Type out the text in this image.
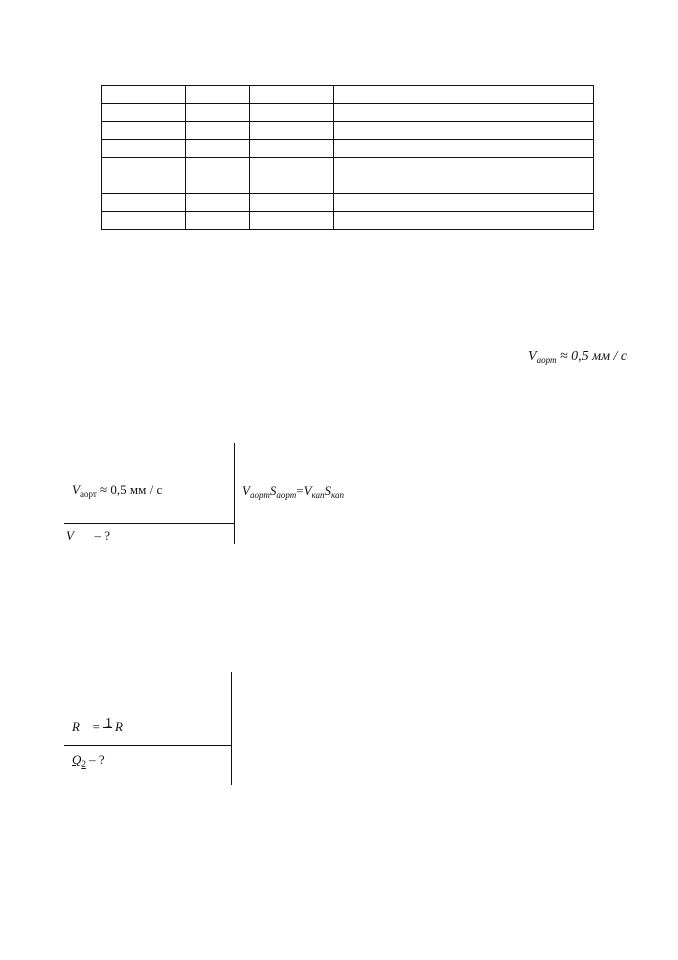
$V_{аорт} \approx 0,5$ мм / с
$V_{аорт} \approx 0,5$ мм / с
V – ?
$V_{аорт}S_{аорт}=V_{кап}S_{кап}$
R = 1 R
$Q_2$ – ?
